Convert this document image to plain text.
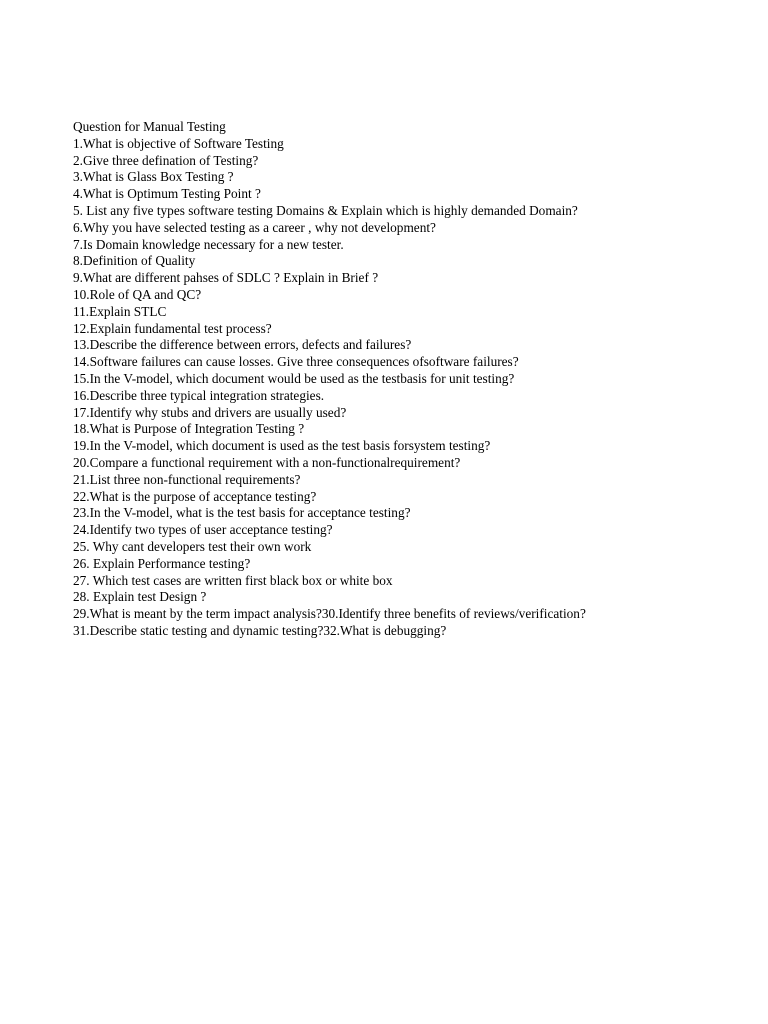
Question for Manual Testing
1.What is objective of Software Testing
2.Give three defination of Testing?
3.What is Glass Box Testing ?
4.What is Optimum Testing Point ?
5. List any five types software testing Domains & Explain which is highly demanded Domain?
6.Why you have selected testing as a career , why not development?
7.Is Domain knowledge necessary for a new tester.
8.Definition of Quality
9.What are different pahses of SDLC ? Explain in Brief ?
10.Role of QA and QC?
11.Explain STLC
12.Explain fundamental test process?
13.Describe the difference between errors, defects and failures?
14.Software failures can cause losses. Give three consequences ofsoftware failures?
15.In the V-model, which document would be used as the testbasis for unit testing?
16.Describe three typical integration strategies.
17.Identify why stubs and drivers are usually used?
18.What is Purpose of Integration Testing ?
19.In the V-model, which document is used as the test basis forsystem testing?
20.Compare a functional requirement with a non-functionalrequirement?
21.List three non-functional requirements?
22.What is the purpose of acceptance testing?
23.In the V-model, what is the test basis for acceptance testing?
24.Identify two types of user acceptance testing?
25. Why cant developers test their own work
26. Explain Performance testing?
27. Which test cases are written first black box or white box
28. Explain test Design ?
29.What is meant by the term impact analysis?30.Identify three benefits of reviews/verification?
31.Describe static testing and dynamic testing?32.What is debugging?
